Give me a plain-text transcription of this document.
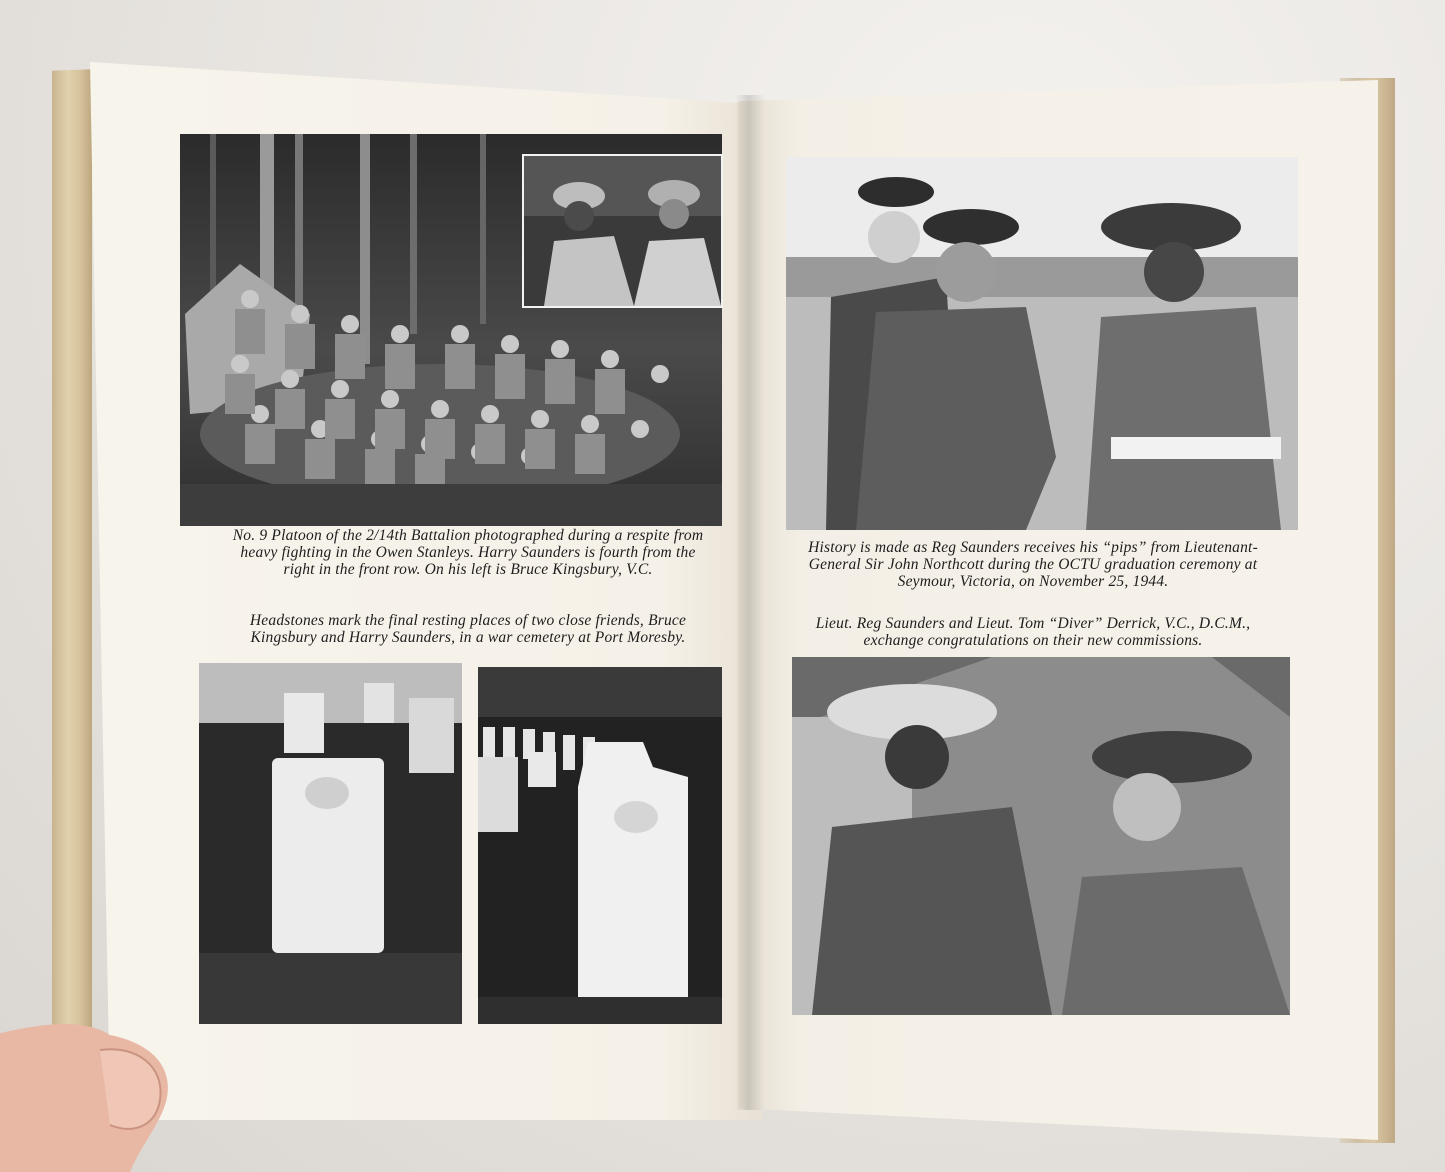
No. 9 Platoon of the 2/14th Battalion photographed during a respite from heavy fighting in the Owen Stanleys. Harry Saunders is fourth from the right in the front row. On his left is Bruce Kingsbury, V.C.
Headstones mark the final resting places of two close friends, Bruce Kingsbury and Harry Saunders, in a war cemetery at Port Moresby.
History is made as Reg Saunders receives his “pips” from Lieutenant-General Sir John Northcott during the OCTU graduation ceremony at Seymour, Victoria, on November 25, 1944.
Lieut. Reg Saunders and Lieut. Tom “Diver” Derrick, V.C., D.C.M., exchange congratulations on their new commissions.
